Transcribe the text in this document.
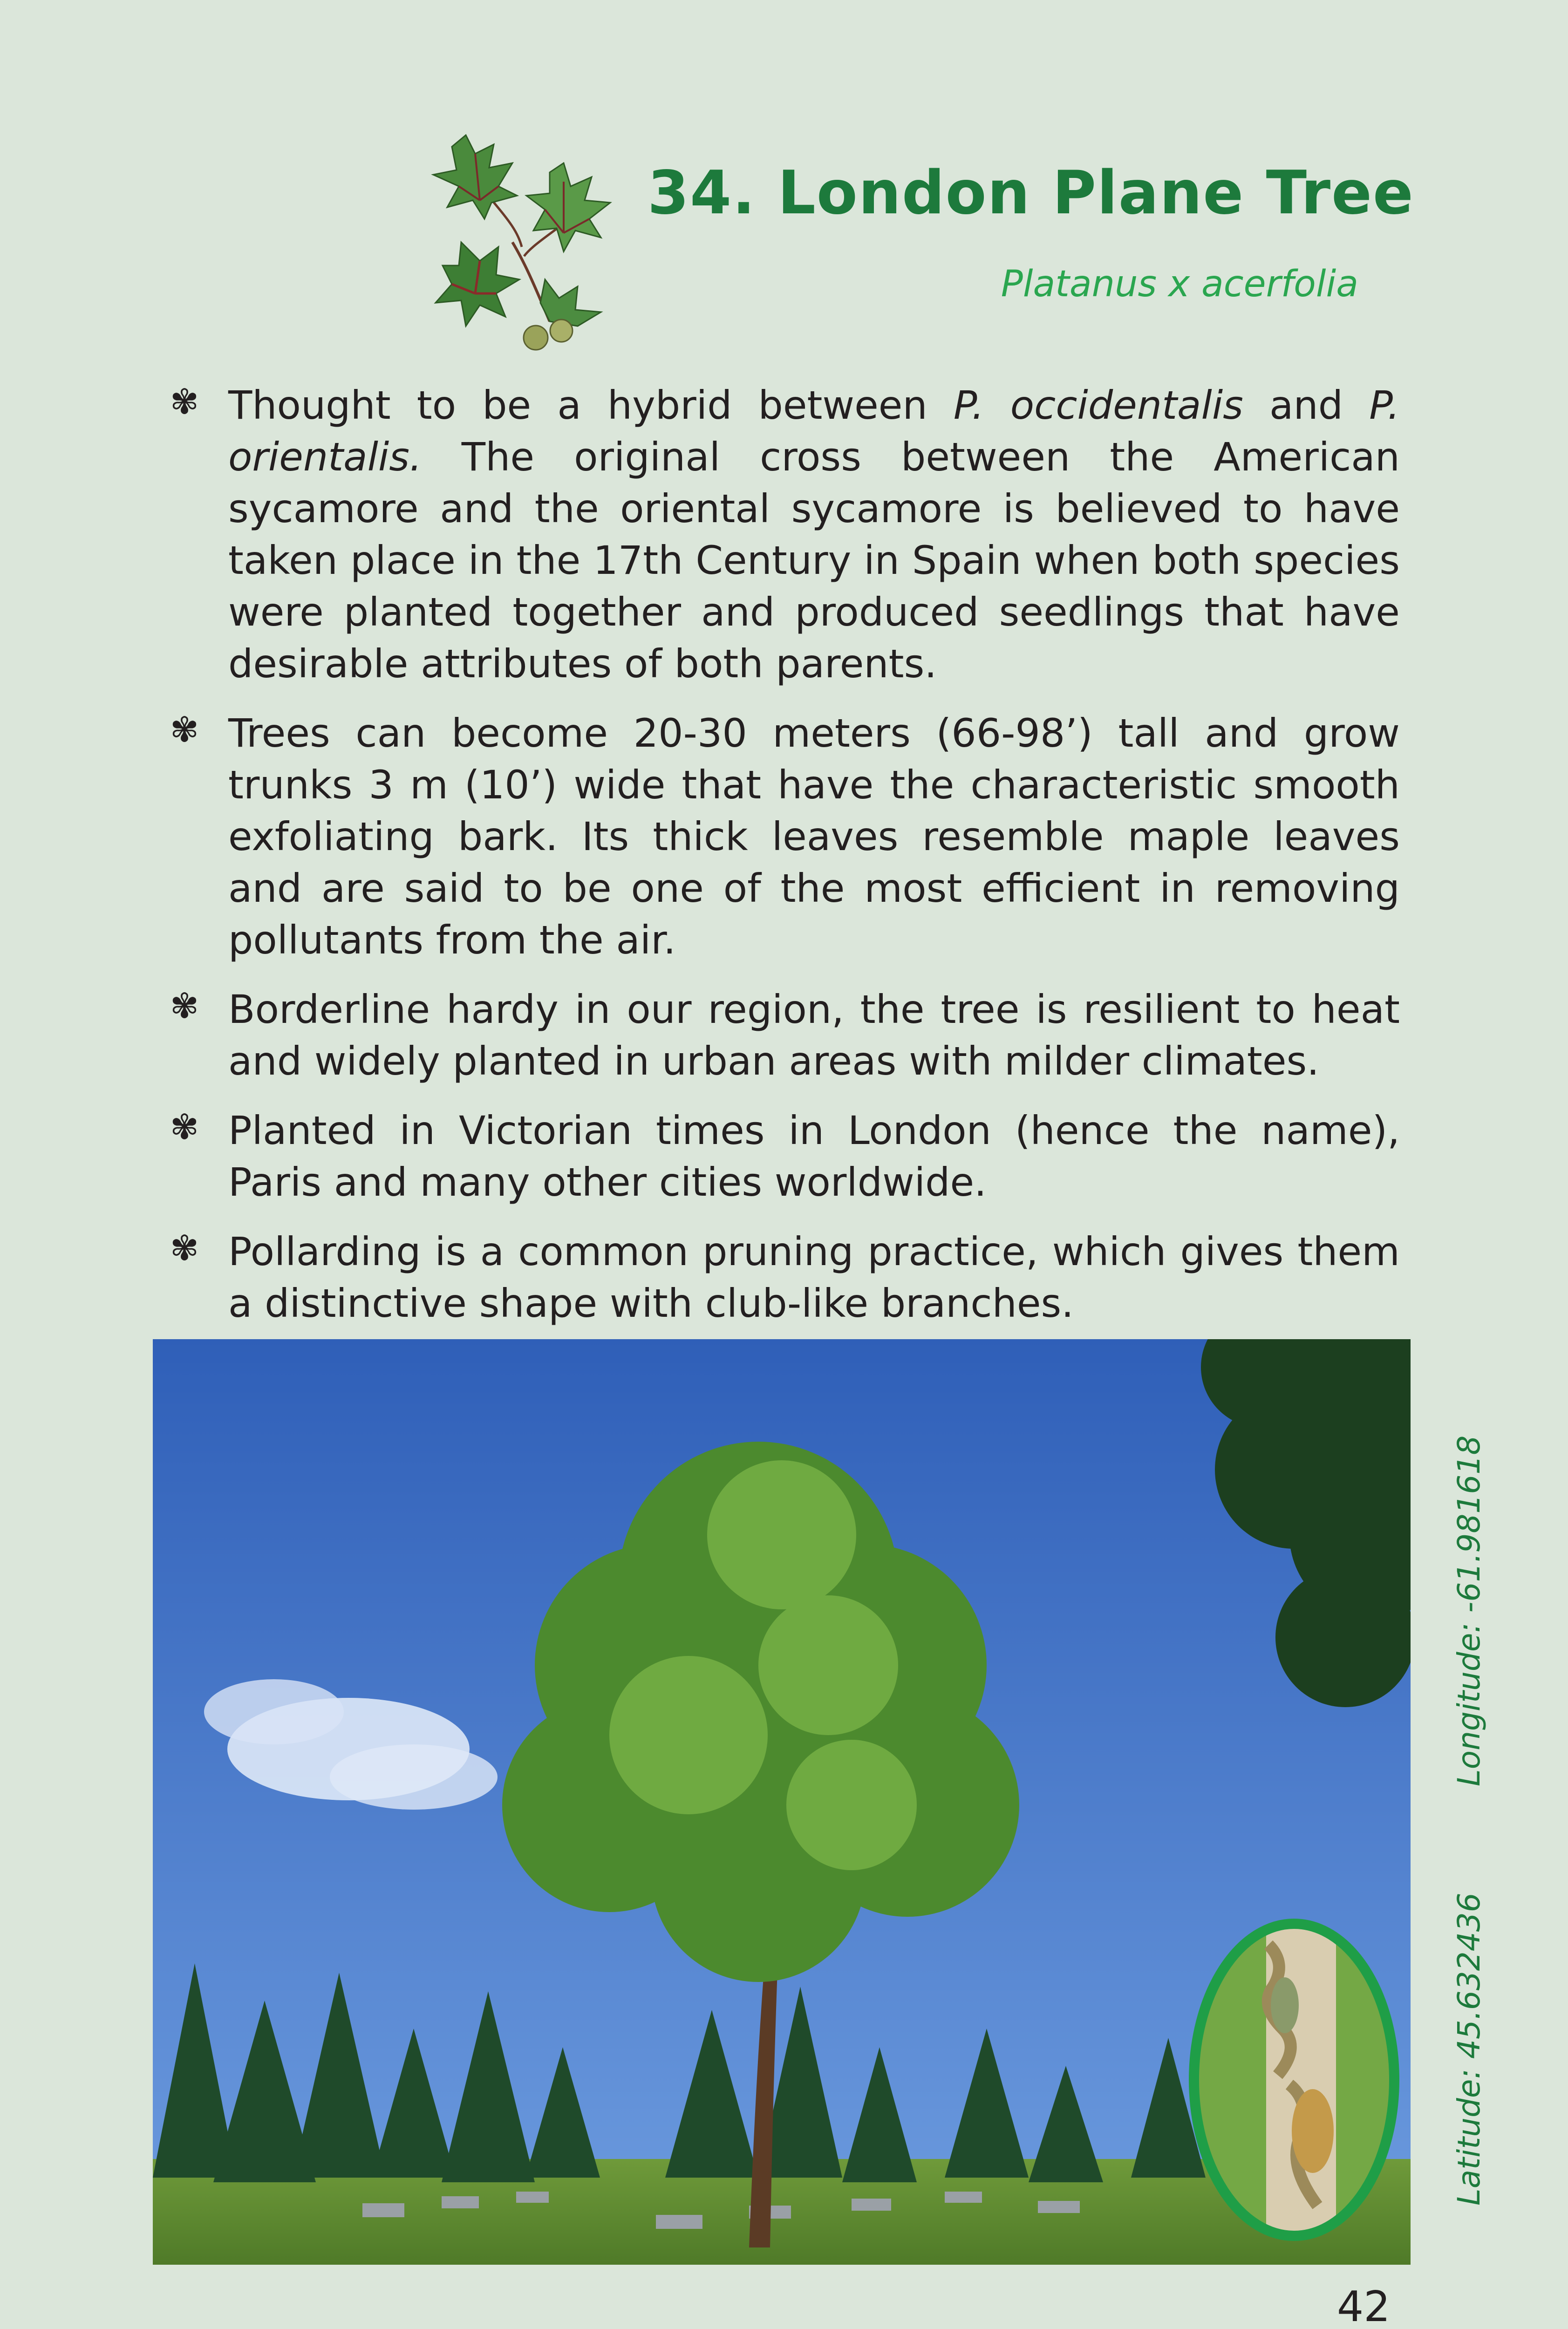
34. London Plane Tree
Platanus x acerfolia
✾ Thought to be a hybrid between P. occidentalis and P. orientalis. The original cross between the American sycamore and the oriental sycamore is believed to have taken place in the 17th Century in Spain when both species were planted together and produced seedlings that have desirable attributes of both parents.
✾ Trees can become 20-30 meters (66-98’) tall and grow trunks 3 m (10’) wide that have the characteristic smooth exfoliating bark. Its thick leaves resemble maple leaves and are said to be one of the most efficient in removing pollutants from the air.
✾ Borderline hardy in our region, the tree is resilient to heat and widely planted in urban areas with milder climates.
✾ Planted in Victorian times in London (hence the name), Paris and many other cities worldwide.
✾ Pollarding is a common pruning practice, which gives them a distinctive shape with club-like branches.
Latitude: 45.632436
Longitude: -61.981618
42
